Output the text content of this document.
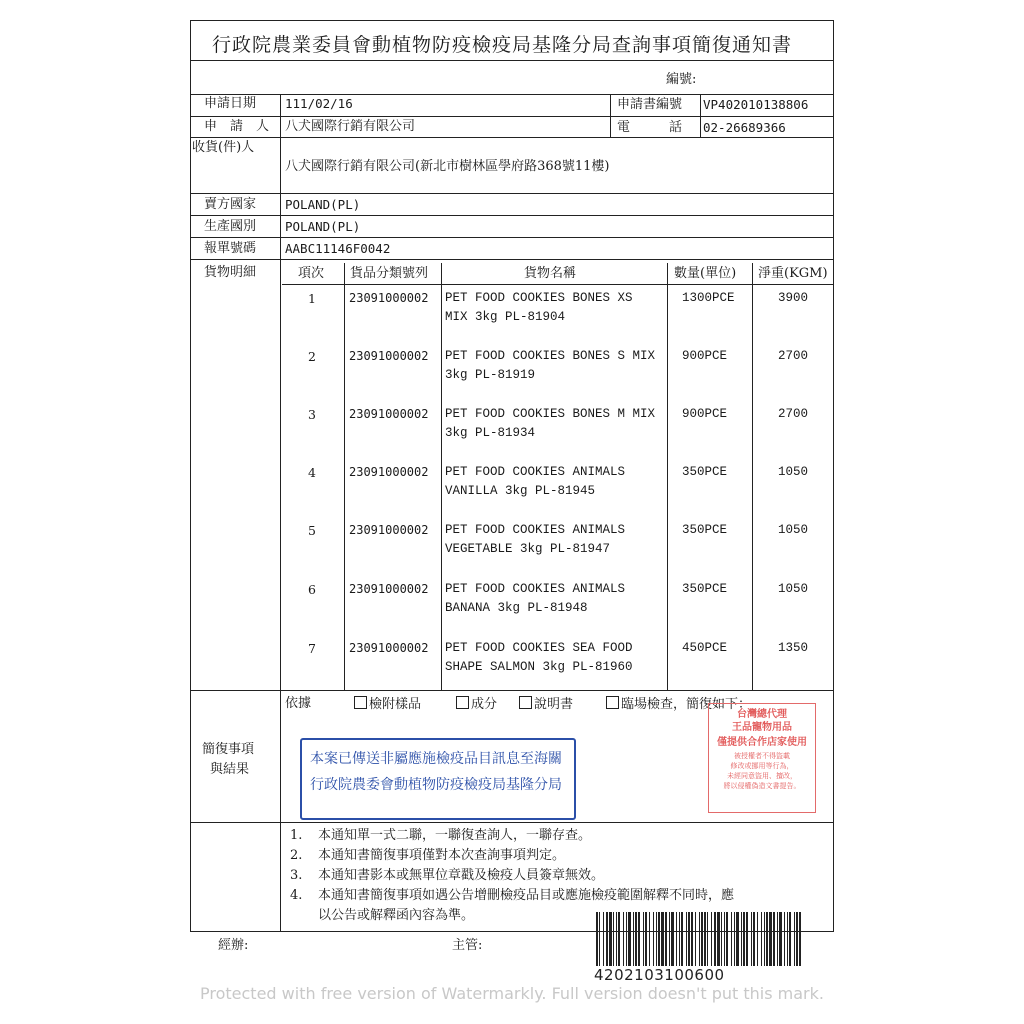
行政院農業委員會動植物防疫檢疫局基隆分局查詢事項簡復通知書
編號:
申請日期 111/02/16	申請書編號 VP402010138806
申　請　人 八犬國際行銷有限公司	電　　　話 02-26689366
收貨(件)人
八犬國際行銷有限公司(新北市樹林區學府路368號11樓)
賣方國家 POLAND(PL)
生產國別 POLAND(PL)
報單號碼 AABC11146F0042
貨物明細	項次 貨品分類號列	貨物名稱	數量(單位) 淨重(KGM)
1	23091000002 PET FOOD COOKIES BONES XS
MIX 3kg PL-81904
1300PCE	3900
2	23091000002 PET FOOD COOKIES BONES S MIX
3kg PL-81919
900PCE	2700
3	23091000002 PET FOOD COOKIES BONES M MIX
3kg PL-81934
900PCE	2700
4	23091000002 PET FOOD COOKIES ANIMALS
VANILLA 3kg PL-81945
350PCE	1050
5	23091000002 PET FOOD COOKIES ANIMALS
VEGETABLE 3kg PL-81947
350PCE	1050
6	23091000002 PET FOOD COOKIES ANIMALS
BANANA 3kg PL-81948
350PCE	1050
7	23091000002 PET FOOD COOKIES SEA FOOD
SHAPE SALMON 3kg PL-81960
450PCE	1350
簡復事項
與結果
依據	檢附樣品	成分	說明書	臨場檢查，簡復如下：
本案已傳送非屬應施檢疫品目訊息至海關
行政院農委會動植物防疫檢疫局基隆分局
台灣總代理
王品寵物用品
僅提供合作店家使用
被授權者不得盜載
修改或挪用等行為，
未經同意盜用、擅改，
將以侵權偽造文書提告。
1. 本通知單一式二聯，一聯復查詢人，一聯存查。
2. 本通知書簡復事項僅對本次查詢事項判定。
3. 本通知書影本或無單位章戳及檢疫人員簽章無效。
4. 本通知書簡復事項如遇公告增刪檢疫品目或應施檢疫範圍解釋不同時，應
以公告或解釋函內容為準。
經辦:	主管:
4202103100600
Protected with free version of Watermarkly. Full version doesn't put this mark.
